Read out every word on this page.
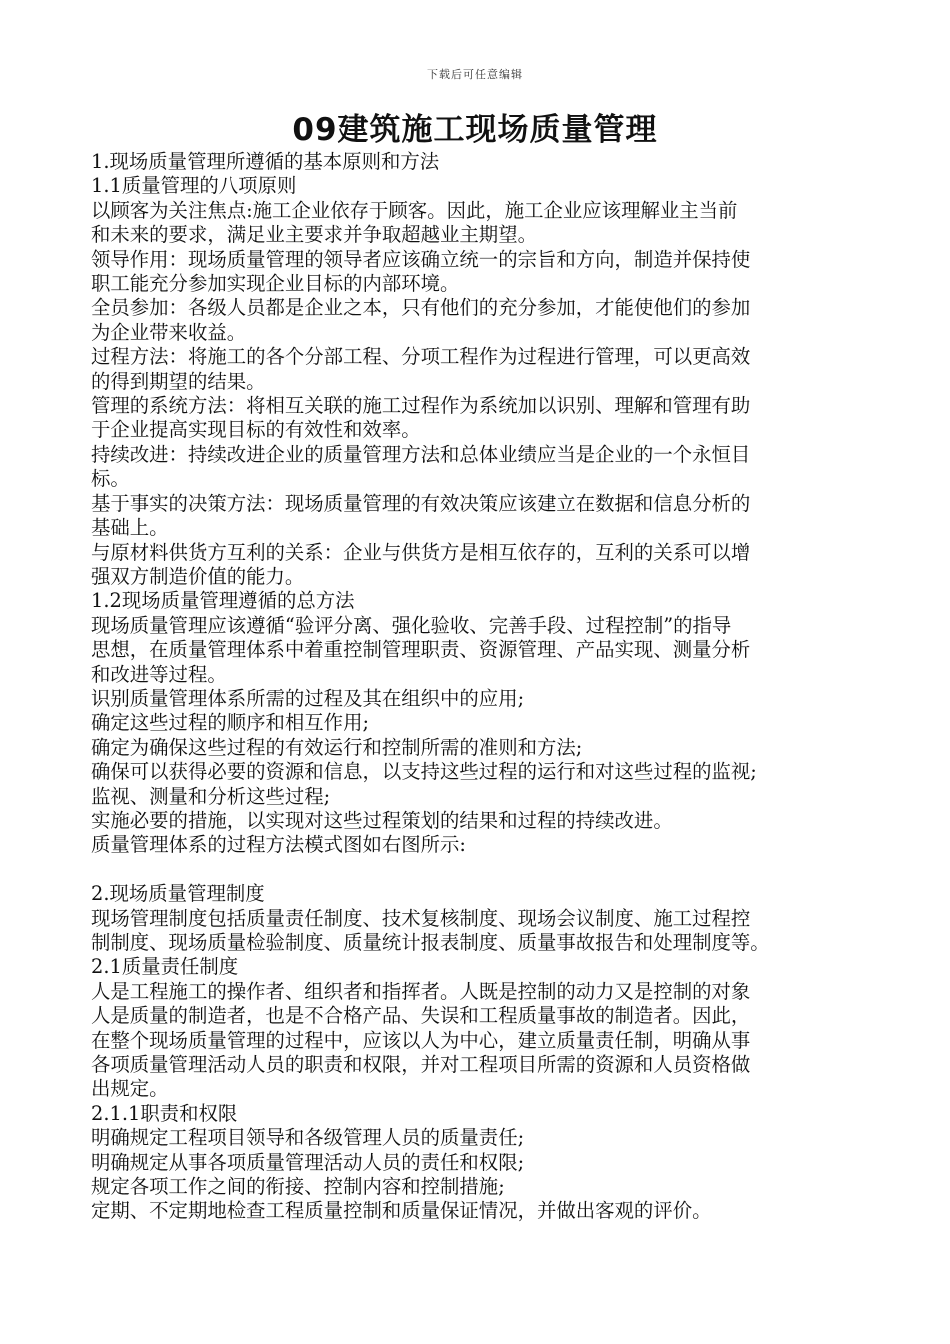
下载后可任意编辑
09建筑施工现场质量管理

1.现场质量管理所遵循的基本原则和方法

1.1质量管理的八项原则

以顾客为关注焦点:施工企业依存于顾客。因此，施工企业应该理解业主当前

和未来的要求，满足业主要求并争取超越业主期望。

领导作用：现场质量管理的领导者应该确立统一的宗旨和方向，制造并保持使

职工能充分参加实现企业目标的内部环境。

全员参加：各级人员都是企业之本，只有他们的充分参加，才能使他们的参加

为企业带来收益。

过程方法：将施工的各个分部工程、分项工程作为过程进行管理，可以更高效

的得到期望的结果。

管理的系统方法：将相互关联的施工过程作为系统加以识别、理解和管理有助

于企业提高实现目标的有效性和效率。

持续改进：持续改进企业的质量管理方法和总体业绩应当是企业的一个永恒目

标。

基于事实的决策方法：现场质量管理的有效决策应该建立在数据和信息分析的

基础上。

与原材料供货方互利的关系：企业与供货方是相互依存的，互利的关系可以增

强双方制造价值的能力。

1.2现场质量管理遵循的总方法

现场质量管理应该遵循“验评分离、强化验收、完善手段、过程控制”的指导

思想，在质量管理体系中着重控制管理职责、资源管理、产品实现、测量分析

和改进等过程。

识别质量管理体系所需的过程及其在组织中的应用;

确定这些过程的顺序和相互作用;

确定为确保这些过程的有效运行和控制所需的准则和方法;

确保可以获得必要的资源和信息，以支持这些过程的运行和对这些过程的监视;

监视、测量和分析这些过程;

实施必要的措施，以实现对这些过程策划的结果和过程的持续改进。

质量管理体系的过程方法模式图如右图所示:

2.现场质量管理制度

现场管理制度包括质量责任制度、技术复核制度、现场会议制度、施工过程控

制制度、现场质量检验制度、质量统计报表制度、质量事故报告和处理制度等。

2.1质量责任制度

人是工程施工的操作者、组织者和指挥者。人既是控制的动力又是控制的对象

人是质量的制造者，也是不合格产品、失误和工程质量事故的制造者。因此，

在整个现场质量管理的过程中，应该以人为中心，建立质量责任制，明确从事

各项质量管理活动人员的职责和权限，并对工程项目所需的资源和人员资格做

出规定。

2.1.1职责和权限

明确规定工程项目领导和各级管理人员的质量责任;

明确规定从事各项质量管理活动人员的责任和权限;

规定各项工作之间的衔接、控制内容和控制措施;

定期、不定期地检查工程质量控制和质量保证情况，并做出客观的评价。
